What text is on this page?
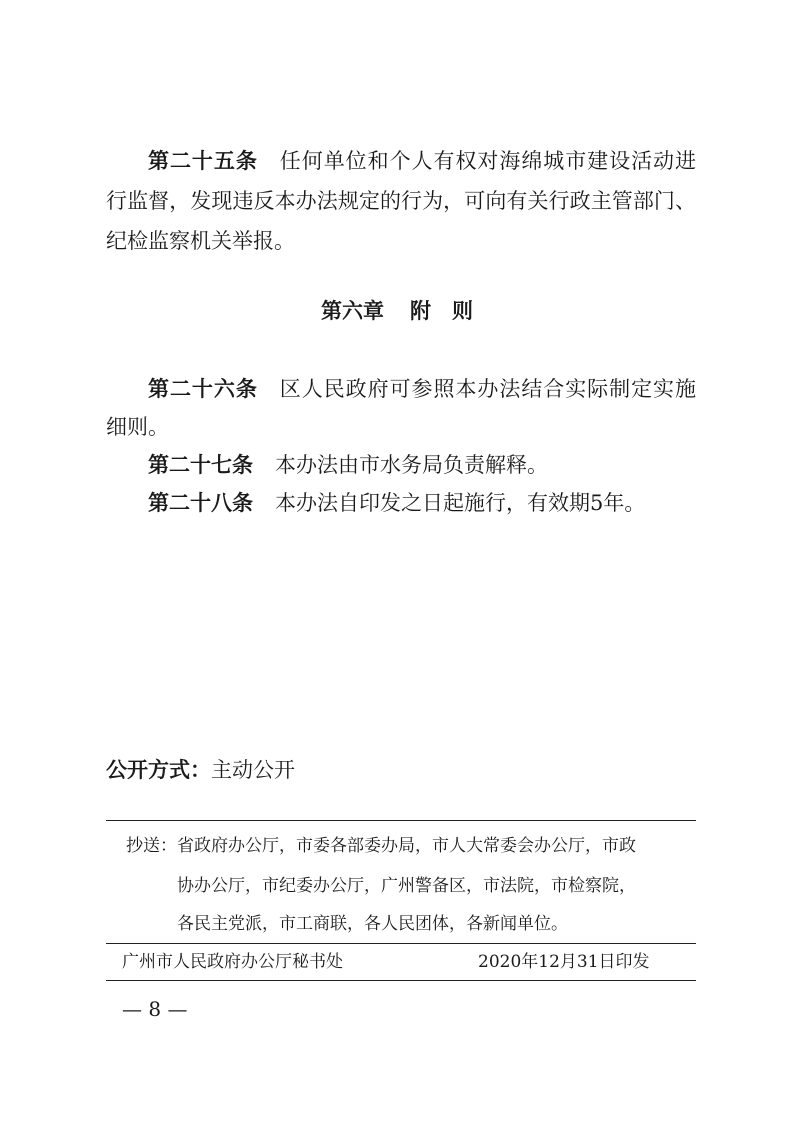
第二十五条 任何单位和个人有权对海绵城市建设活动进
行监督，发现违反本办法规定的行为，可向有关行政主管部门、
纪检监察机关举报。
第六章 附　则
第二十六条 区人民政府可参照本办法结合实际制定实施
细则。
第二十七条 本办法由市水务局负责解释。
第二十八条 本办法自印发之日起施行，有效期5年。
公开方式：主动公开
抄送：省政府办公厅，市委各部委办局，市人大常委会办公厅，市政
协办公厅，市纪委办公厅，广州警备区，市法院，市检察院，
各民主党派，市工商联，各人民团体，各新闻单位。
广州市人民政府办公厅秘书处	2020年12月31日印发
— 8 —
